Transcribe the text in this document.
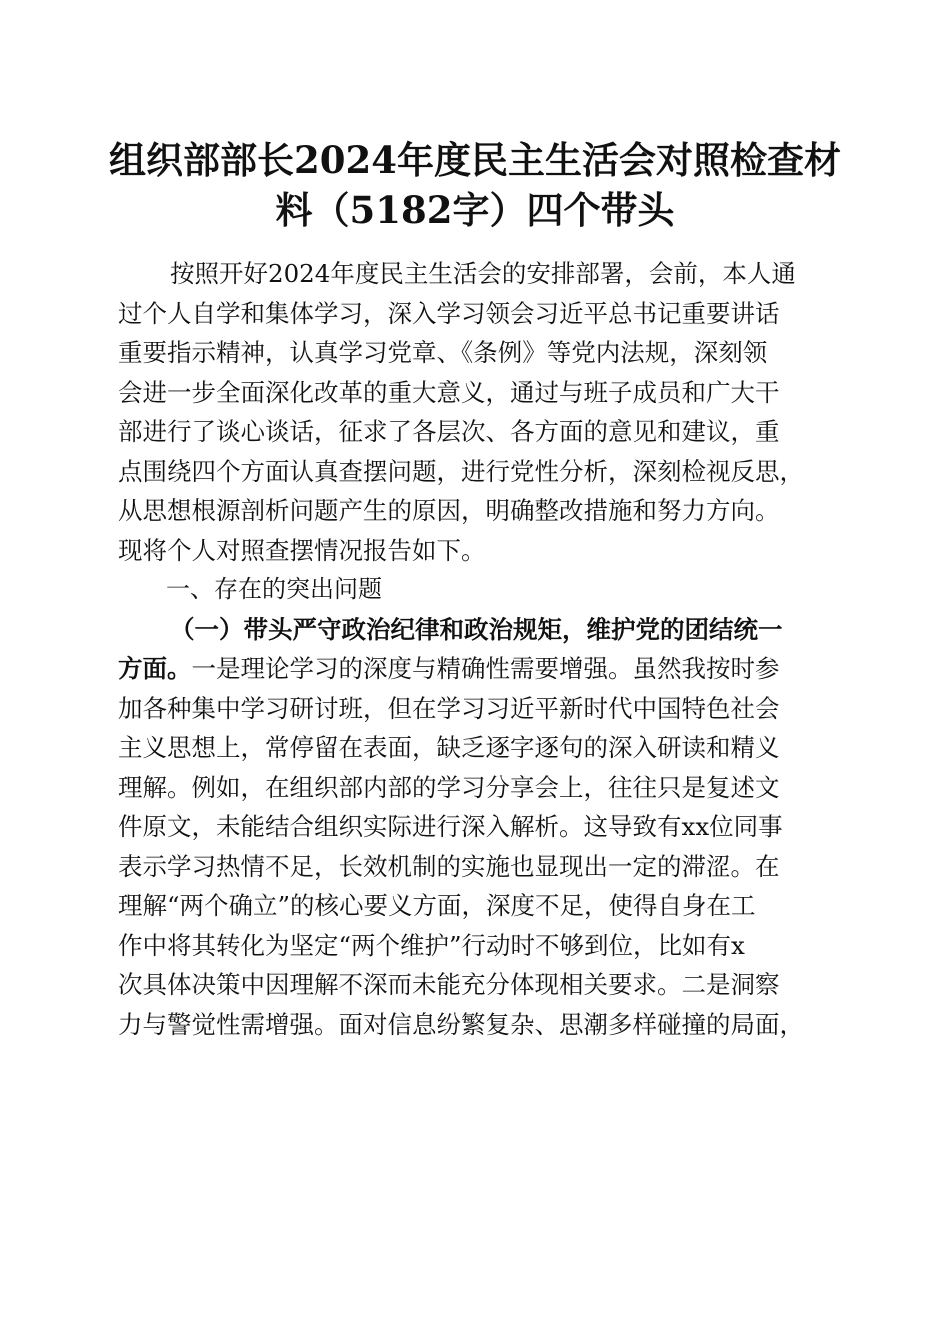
组织部部长2024年度民主生活会对照检查材
料（5182字）四个带头
按照开好2024年度民主生活会的安排部署，会前，本人通
过个人自学和集体学习，深入学习领会习近平总书记重要讲话
重要指示精神，认真学习党章、《条例》等党内法规，深刻领
会进一步全面深化改革的重大意义，通过与班子成员和广大干
部进行了谈心谈话，征求了各层次、各方面的意见和建议，重
点围绕四个方面认真查摆问题，进行党性分析，深刻检视反思，
从思想根源剖析问题产生的原因，明确整改措施和努力方向。
现将个人对照查摆情况报告如下。
一、存在的突出问题
（一）带头严守政治纪律和政治规矩，维护党的团结统一
方面。一是理论学习的深度与精确性需要增强。虽然我按时参
加各种集中学习研讨班，但在学习习近平新时代中国特色社会
主义思想上，常停留在表面，缺乏逐字逐句的深入研读和精义
理解。例如，在组织部内部的学习分享会上，往往只是复述文
件原文，未能结合组织实际进行深入解析。这导致有xx位同事
表示学习热情不足，长效机制的实施也显现出一定的滞涩。在
理解“两个确立”的核心要义方面，深度不足，使得自身在工
作中将其转化为坚定“两个维护”行动时不够到位，比如有x
次具体决策中因理解不深而未能充分体现相关要求。二是洞察
力与警觉性需增强。面对信息纷繁复杂、思潮多样碰撞的局面，
